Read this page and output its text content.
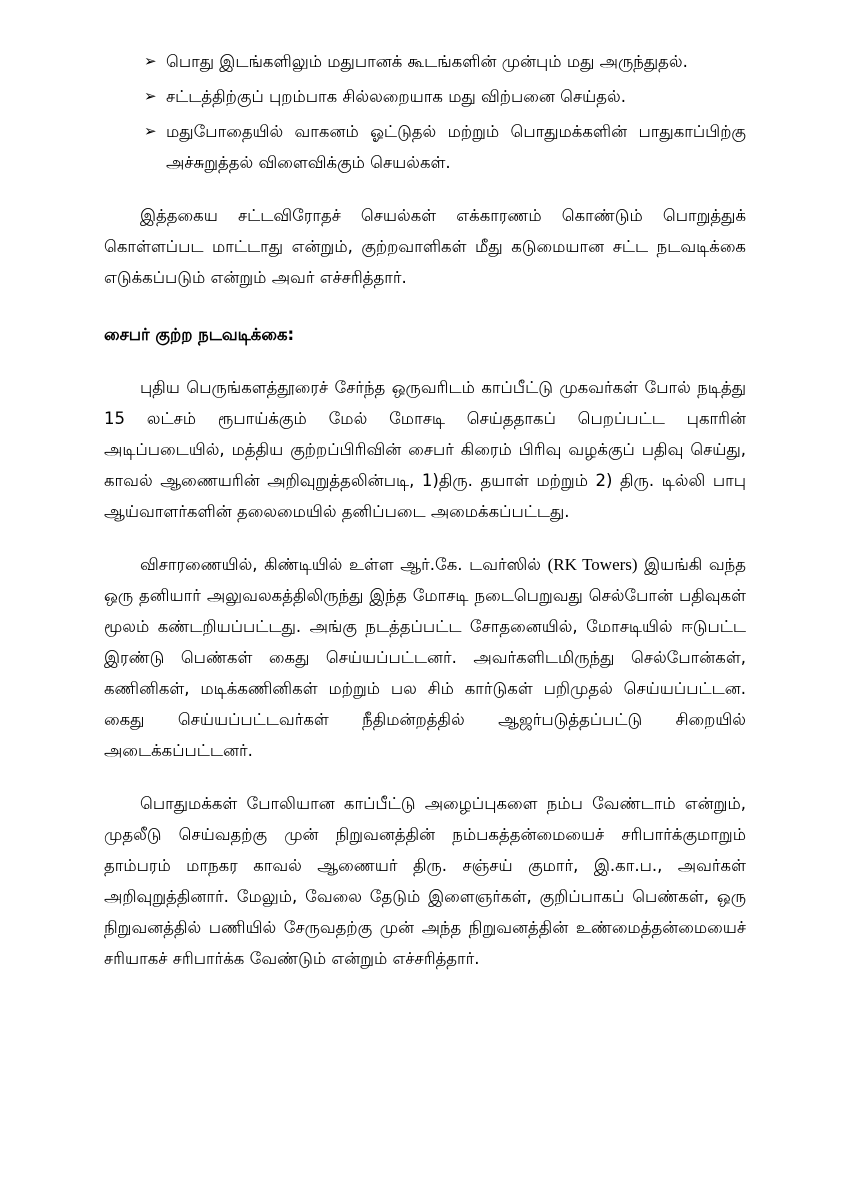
➢ பொது இடங்களிலும் மதுபானக் கூடங்களின் முன்பும் மது அருந்துதல்.
➢ சட்டத்திற்குப் புறம்பாக சில்லறையாக மது விற்பனை செய்தல்.
➢ மதுபோதையில் வாகனம் ஓட்டுதல் மற்றும் பொதுமக்களின் பாதுகாப்பிற்கு அச்சுறுத்தல் விளைவிக்கும் செயல்கள்.

இத்தகைய சட்டவிரோதச் செயல்கள் எக்காரணம் கொண்டும் பொறுத்துக் கொள்ளப்பட மாட்டாது என்றும், குற்றவாளிகள் மீது கடுமையான சட்ட நடவடிக்கை எடுக்கப்படும் என்றும் அவர் எச்சரித்தார்.

சைபர் குற்ற நடவடிக்கை:

புதிய பெருங்களத்தூரைச் சேர்ந்த ஒருவரிடம் காப்பீட்டு முகவர்கள் போல் நடித்து 15 லட்சம் ரூபாய்க்கும் மேல் மோசடி செய்ததாகப் பெறப்பட்ட புகாரின் அடிப்படையில், மத்திய குற்றப்பிரிவின் சைபர் கிரைம் பிரிவு வழக்குப் பதிவு செய்து, காவல் ஆணையரின் அறிவுறுத்தலின்படி, 1)திரு. தயாள் மற்றும் 2) திரு. டில்லி பாபு ஆய்வாளர்களின் தலைமையில் தனிப்படை அமைக்கப்பட்டது.

விசாரணையில், கிண்டியில் உள்ள ஆர்.கே. டவர்ஸில் (RK Towers) இயங்கி வந்த ஒரு தனியார் அலுவலகத்திலிருந்து இந்த மோசடி நடைபெறுவது செல்போன் பதிவுகள் மூலம் கண்டறியப்பட்டது. அங்கு நடத்தப்பட்ட சோதனையில், மோசடியில் ஈடுபட்ட இரண்டு பெண்கள் கைது செய்யப்பட்டனர். அவர்களிடமிருந்து செல்போன்கள், கணினிகள், மடிக்கணினிகள் மற்றும் பல சிம் கார்டுகள் பறிமுதல் செய்யப்பட்டன. கைது செய்யப்பட்டவர்கள் நீதிமன்றத்தில் ஆஜர்படுத்தப்பட்டு சிறையில் அடைக்கப்பட்டனர்.

பொதுமக்கள் போலியான காப்பீட்டு அழைப்புகளை நம்ப வேண்டாம் என்றும், முதலீடு செய்வதற்கு முன் நிறுவனத்தின் நம்பகத்தன்மையைச் சரிபார்க்குமாறும் தாம்பரம் மாநகர காவல் ஆணையர் திரு. சஞ்சய் குமார், இ.கா.ப., அவர்கள் அறிவுறுத்தினார். மேலும், வேலை தேடும் இளைஞர்கள், குறிப்பாகப் பெண்கள், ஒரு நிறுவனத்தில் பணியில் சேருவதற்கு முன் அந்த நிறுவனத்தின் உண்மைத்தன்மையைச் சரியாகச் சரிபார்க்க வேண்டும் என்றும் எச்சரித்தார்.
